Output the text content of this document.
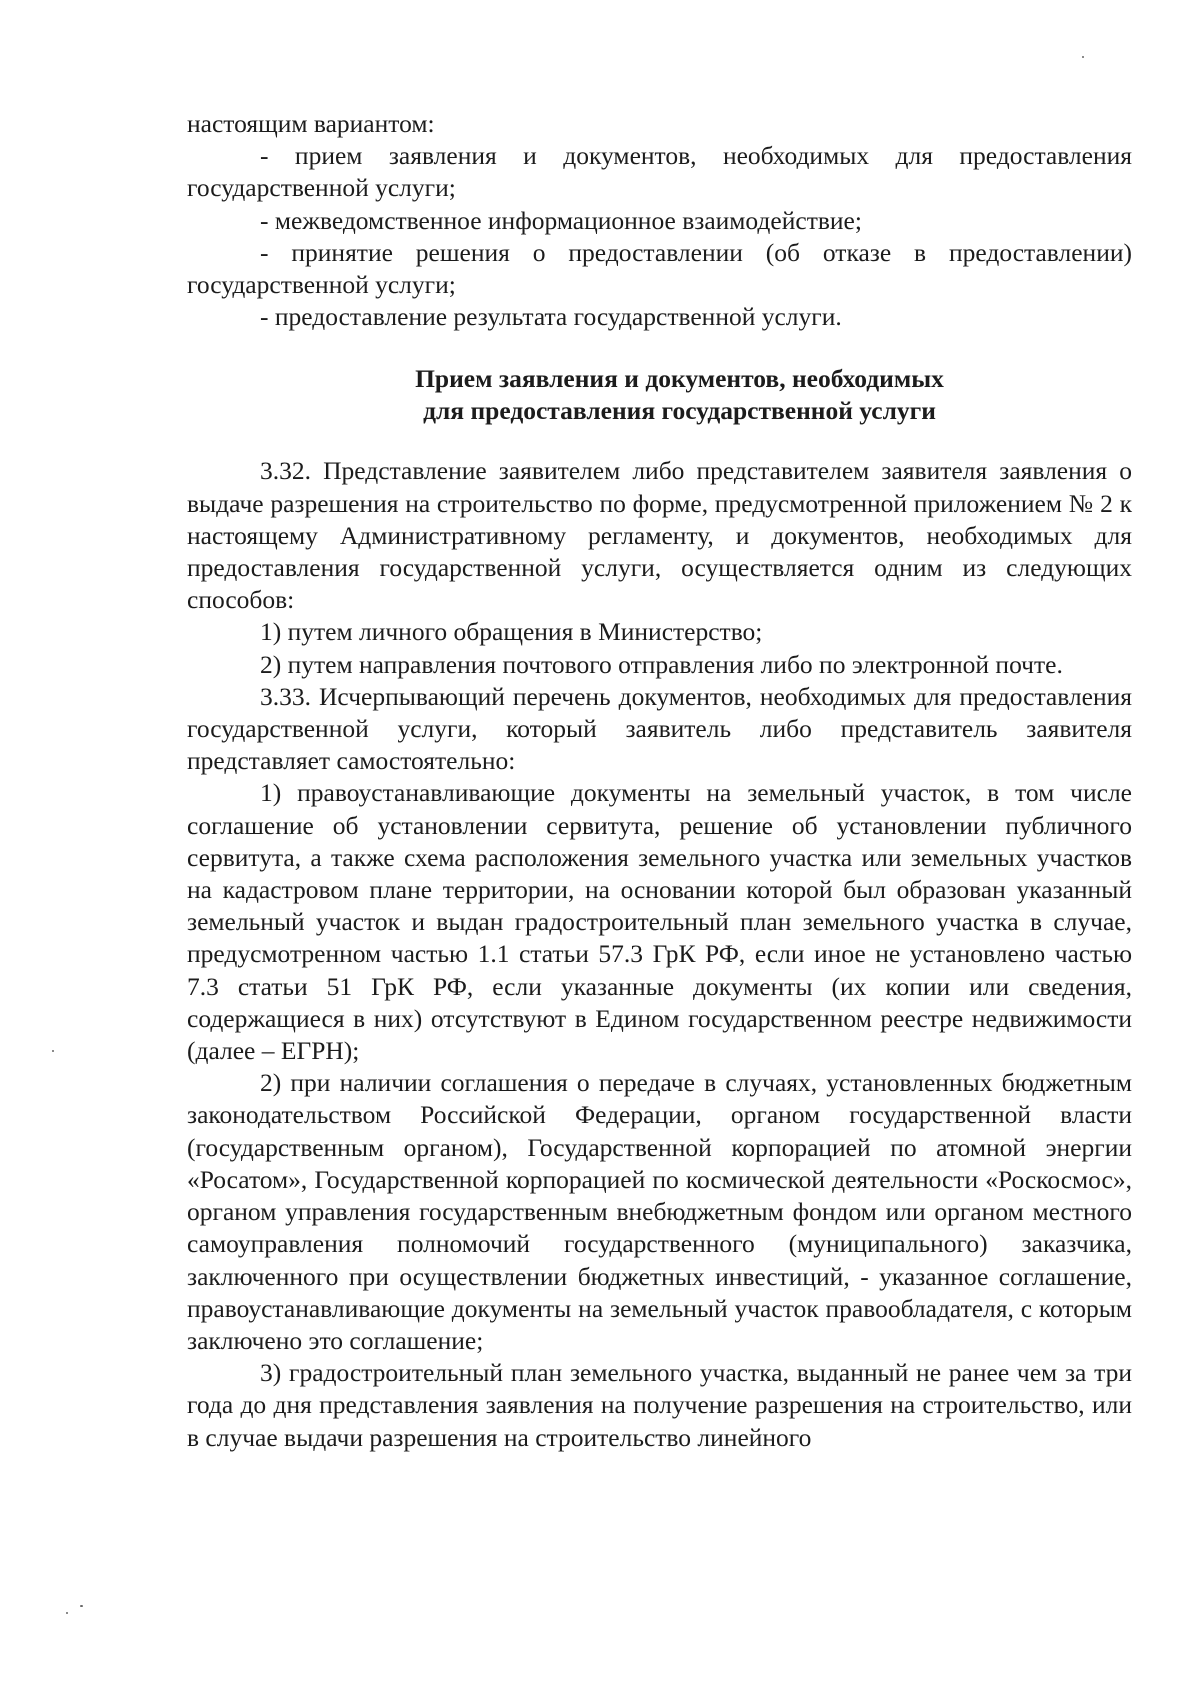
настоящим вариантом:

- прием заявления и документов, необходимых для предоставления государственной услуги;

- межведомственное информационное взаимодействие;

- принятие решения о предоставлении (об отказе в предоставлении) государственной услуги;

- предоставление результата государственной услуги.

Прием заявления и документов, необходимых

для предоставления государственной услуги

3.32. Представление заявителем либо представителем заявителя заявления о выдаче разрешения на строительство по форме, предусмотренной приложением № 2 к настоящему Административному регламенту, и документов, необходимых для предоставления государственной услуги, осуществляется одним из следующих способов:

1) путем личного обращения в Министерство;

2) путем направления почтового отправления либо по электронной почте.

3.33. Исчерпывающий перечень документов, необходимых для предоставления государственной услуги, который заявитель либо представитель заявителя представляет самостоятельно:

1) правоустанавливающие документы на земельный участок, в том числе соглашение об установлении сервитута, решение об установлении публичного сервитута, а также схема расположения земельного участка или земельных участков на кадастровом плане территории, на основании которой был образован указанный земельный участок и выдан градостроительный план земельного участка в случае, предусмотренном частью 1.1 статьи 57.3 ГрК РФ, если иное не установлено частью 7.3 статьи 51 ГрК РФ, если указанные документы (их копии или сведения, содержащиеся в них) отсутствуют в Едином государственном реестре недвижимости (далее – ЕГРН);

2) при наличии соглашения о передаче в случаях, установленных бюджетным законодательством Российской Федерации, органом государственной власти (государственным органом), Государственной корпорацией по атомной энергии «Росатом», Государственной корпорацией по космической деятельности «Роскосмос», органом управления государственным внебюджетным фондом или органом местного самоуправления полномочий государственного (муниципального) заказчика, заключенного при осуществлении бюджетных инвестиций, - указанное соглашение, правоустанавливающие документы на земельный участок правообладателя, с которым заключено это соглашение;

3) градостроительный план земельного участка, выданный не ранее чем за три года до дня представления заявления на получение разрешения на строительство, или в случае выдачи разрешения на строительство линейного
